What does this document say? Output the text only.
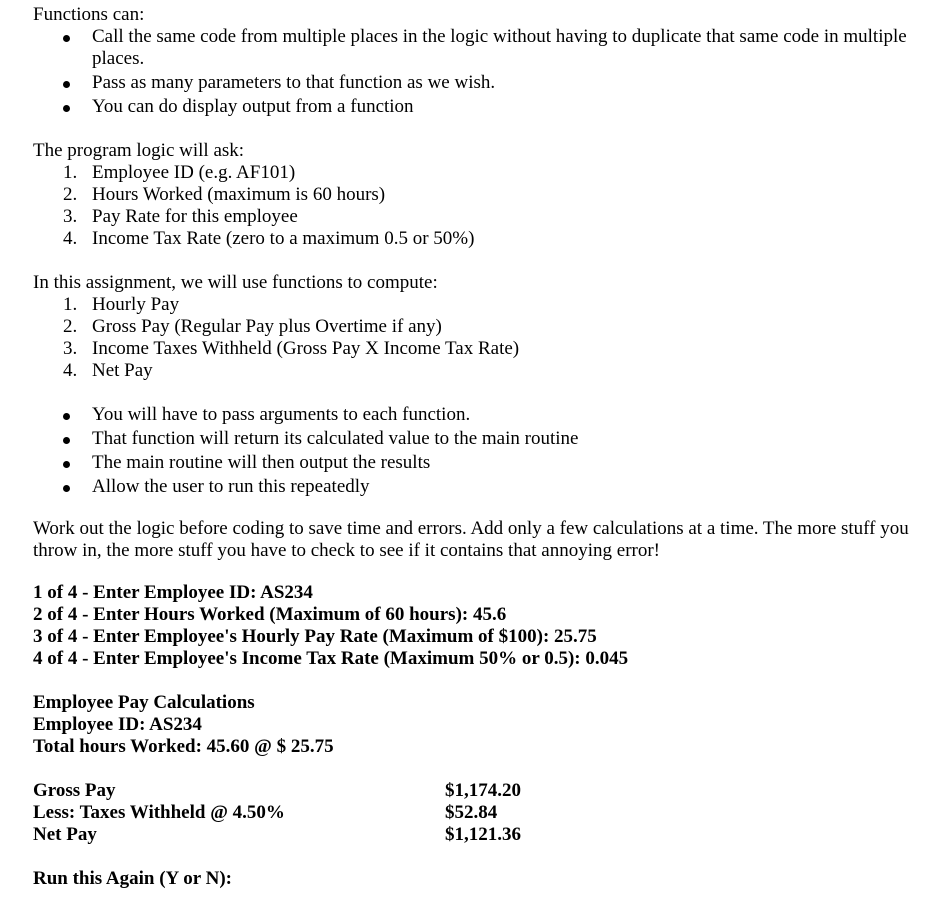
Functions can:

Call the same code from multiple places in the logic without having to duplicate that same code in multiple places.
Pass as many parameters to that function as we wish.
You can do display output from a function

The program logic will ask:

1. Employee ID (e.g. AF101)
2. Hours Worked (maximum is 60 hours)
3. Pay Rate for this employee
4. Income Tax Rate (zero to a maximum 0.5 or 50%)

In this assignment, we will use functions to compute:

1. Hourly Pay
2. Gross Pay (Regular Pay plus Overtime if any)
3. Income Taxes Withheld (Gross Pay X Income Tax Rate)
4. Net Pay
You will have to pass arguments to each function.
That function will return its calculated value to the main routine
The main routine will then output the results
Allow the user to run this repeatedly

Work out the logic before coding to save time and errors. Add only a few calculations at a time. The more stuff you throw in, the more stuff you have to check to see if it contains that annoying error!

1 of 4 - Enter Employee ID: AS234

2 of 4 - Enter Hours Worked (Maximum of 60 hours): 45.6

3 of 4 - Enter Employee's Hourly Pay Rate (Maximum of $100): 25.75

4 of 4 - Enter Employee's Income Tax Rate (Maximum 50% or 0.5): 0.045

Employee Pay Calculations

Employee ID: AS234

Total hours Worked: 45.60 @ $ 25.75

Gross Pay	$1,174.20
Less: Taxes Withheld @ 4.50%	$52.84
Net Pay	$1,121.36

Run this Again (Y or N):
